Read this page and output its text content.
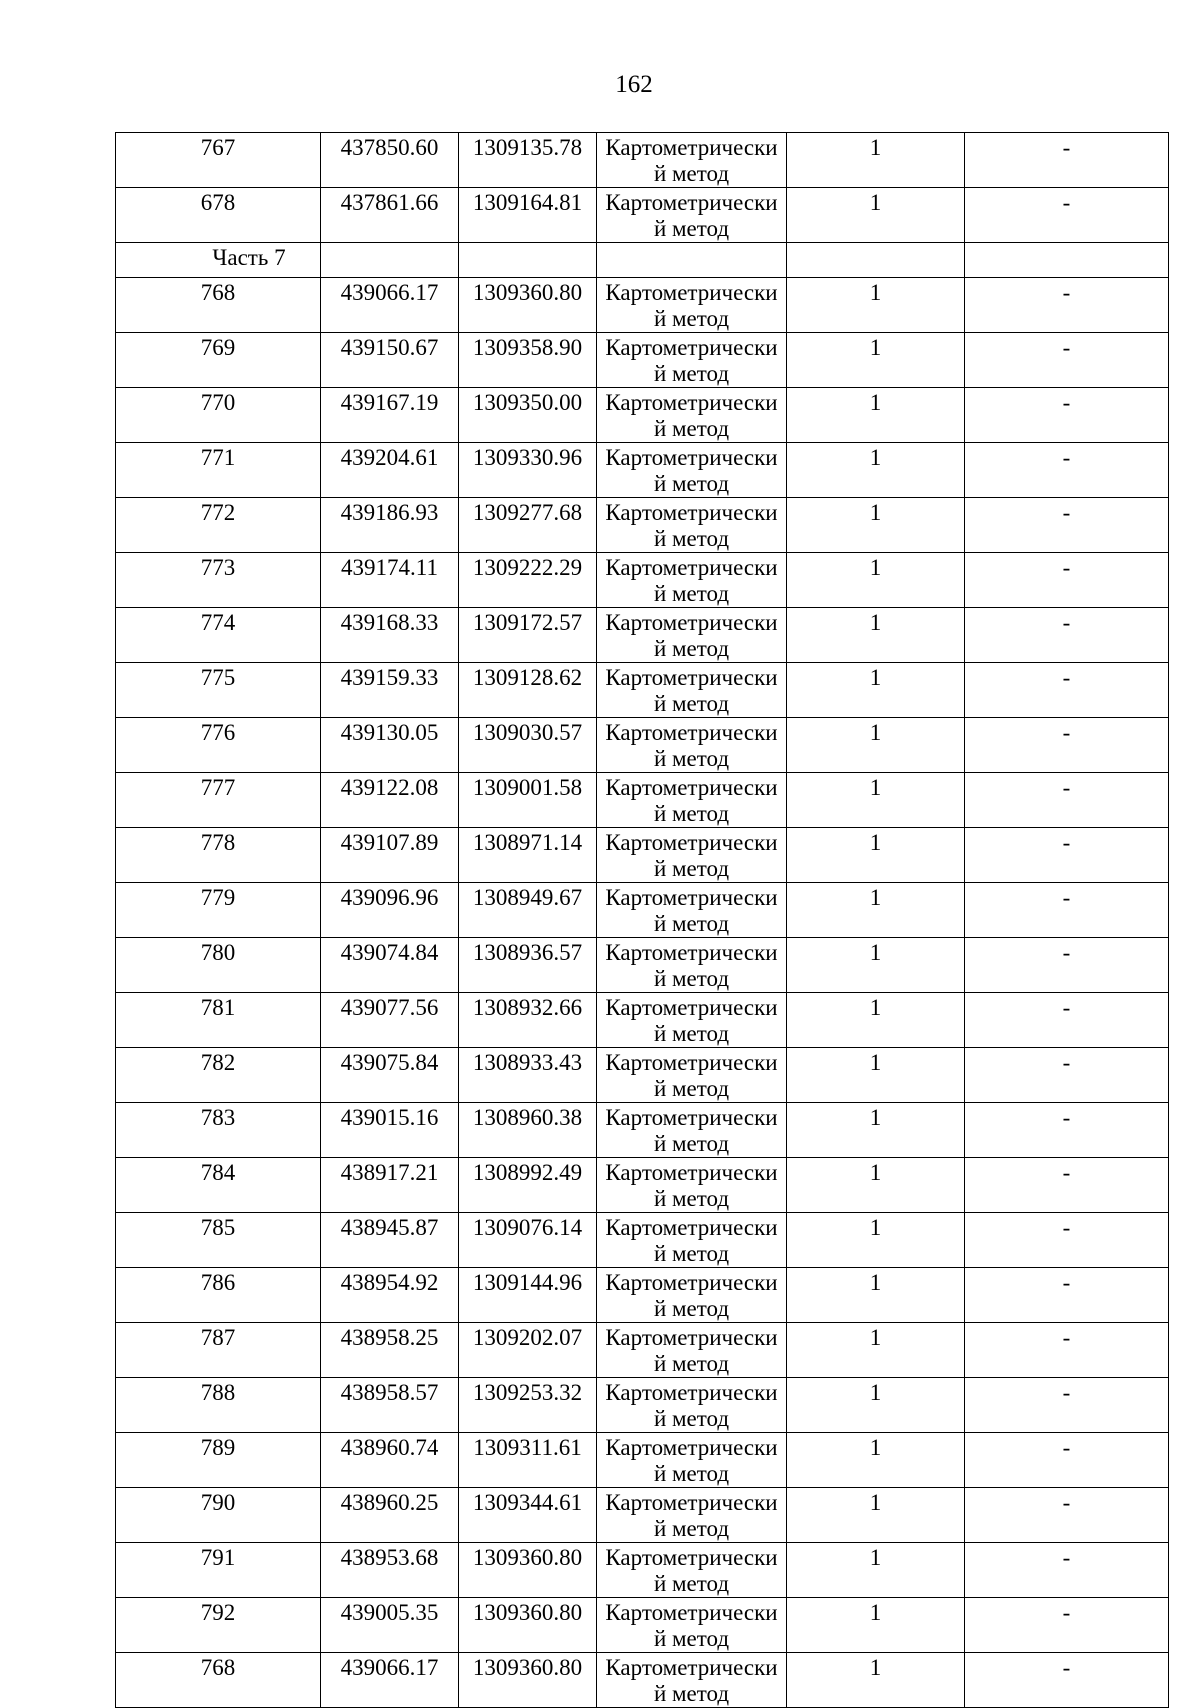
162
767	437850.60	1309135.78	Картометрически
й метод	1	-
678	437861.66	1309164.81	Картометрически
й метод	1	-
Часть 7					
768	439066.17	1309360.80	Картометрически
й метод	1	-
769	439150.67	1309358.90	Картометрически
й метод	1	-
770	439167.19	1309350.00	Картометрически
й метод	1	-
771	439204.61	1309330.96	Картометрически
й метод	1	-
772	439186.93	1309277.68	Картометрически
й метод	1	-
773	439174.11	1309222.29	Картометрически
й метод	1	-
774	439168.33	1309172.57	Картометрически
й метод	1	-
775	439159.33	1309128.62	Картометрически
й метод	1	-
776	439130.05	1309030.57	Картометрически
й метод	1	-
777	439122.08	1309001.58	Картометрически
й метод	1	-
778	439107.89	1308971.14	Картометрически
й метод	1	-
779	439096.96	1308949.67	Картометрически
й метод	1	-
780	439074.84	1308936.57	Картометрически
й метод	1	-
781	439077.56	1308932.66	Картометрически
й метод	1	-
782	439075.84	1308933.43	Картометрически
й метод	1	-
783	439015.16	1308960.38	Картометрически
й метод	1	-
784	438917.21	1308992.49	Картометрически
й метод	1	-
785	438945.87	1309076.14	Картометрически
й метод	1	-
786	438954.92	1309144.96	Картометрически
й метод	1	-
787	438958.25	1309202.07	Картометрически
й метод	1	-
788	438958.57	1309253.32	Картометрически
й метод	1	-
789	438960.74	1309311.61	Картометрически
й метод	1	-
790	438960.25	1309344.61	Картометрически
й метод	1	-
791	438953.68	1309360.80	Картометрически
й метод	1	-
792	439005.35	1309360.80	Картометрически
й метод	1	-
768	439066.17	1309360.80	Картометрически
й метод	1	-
